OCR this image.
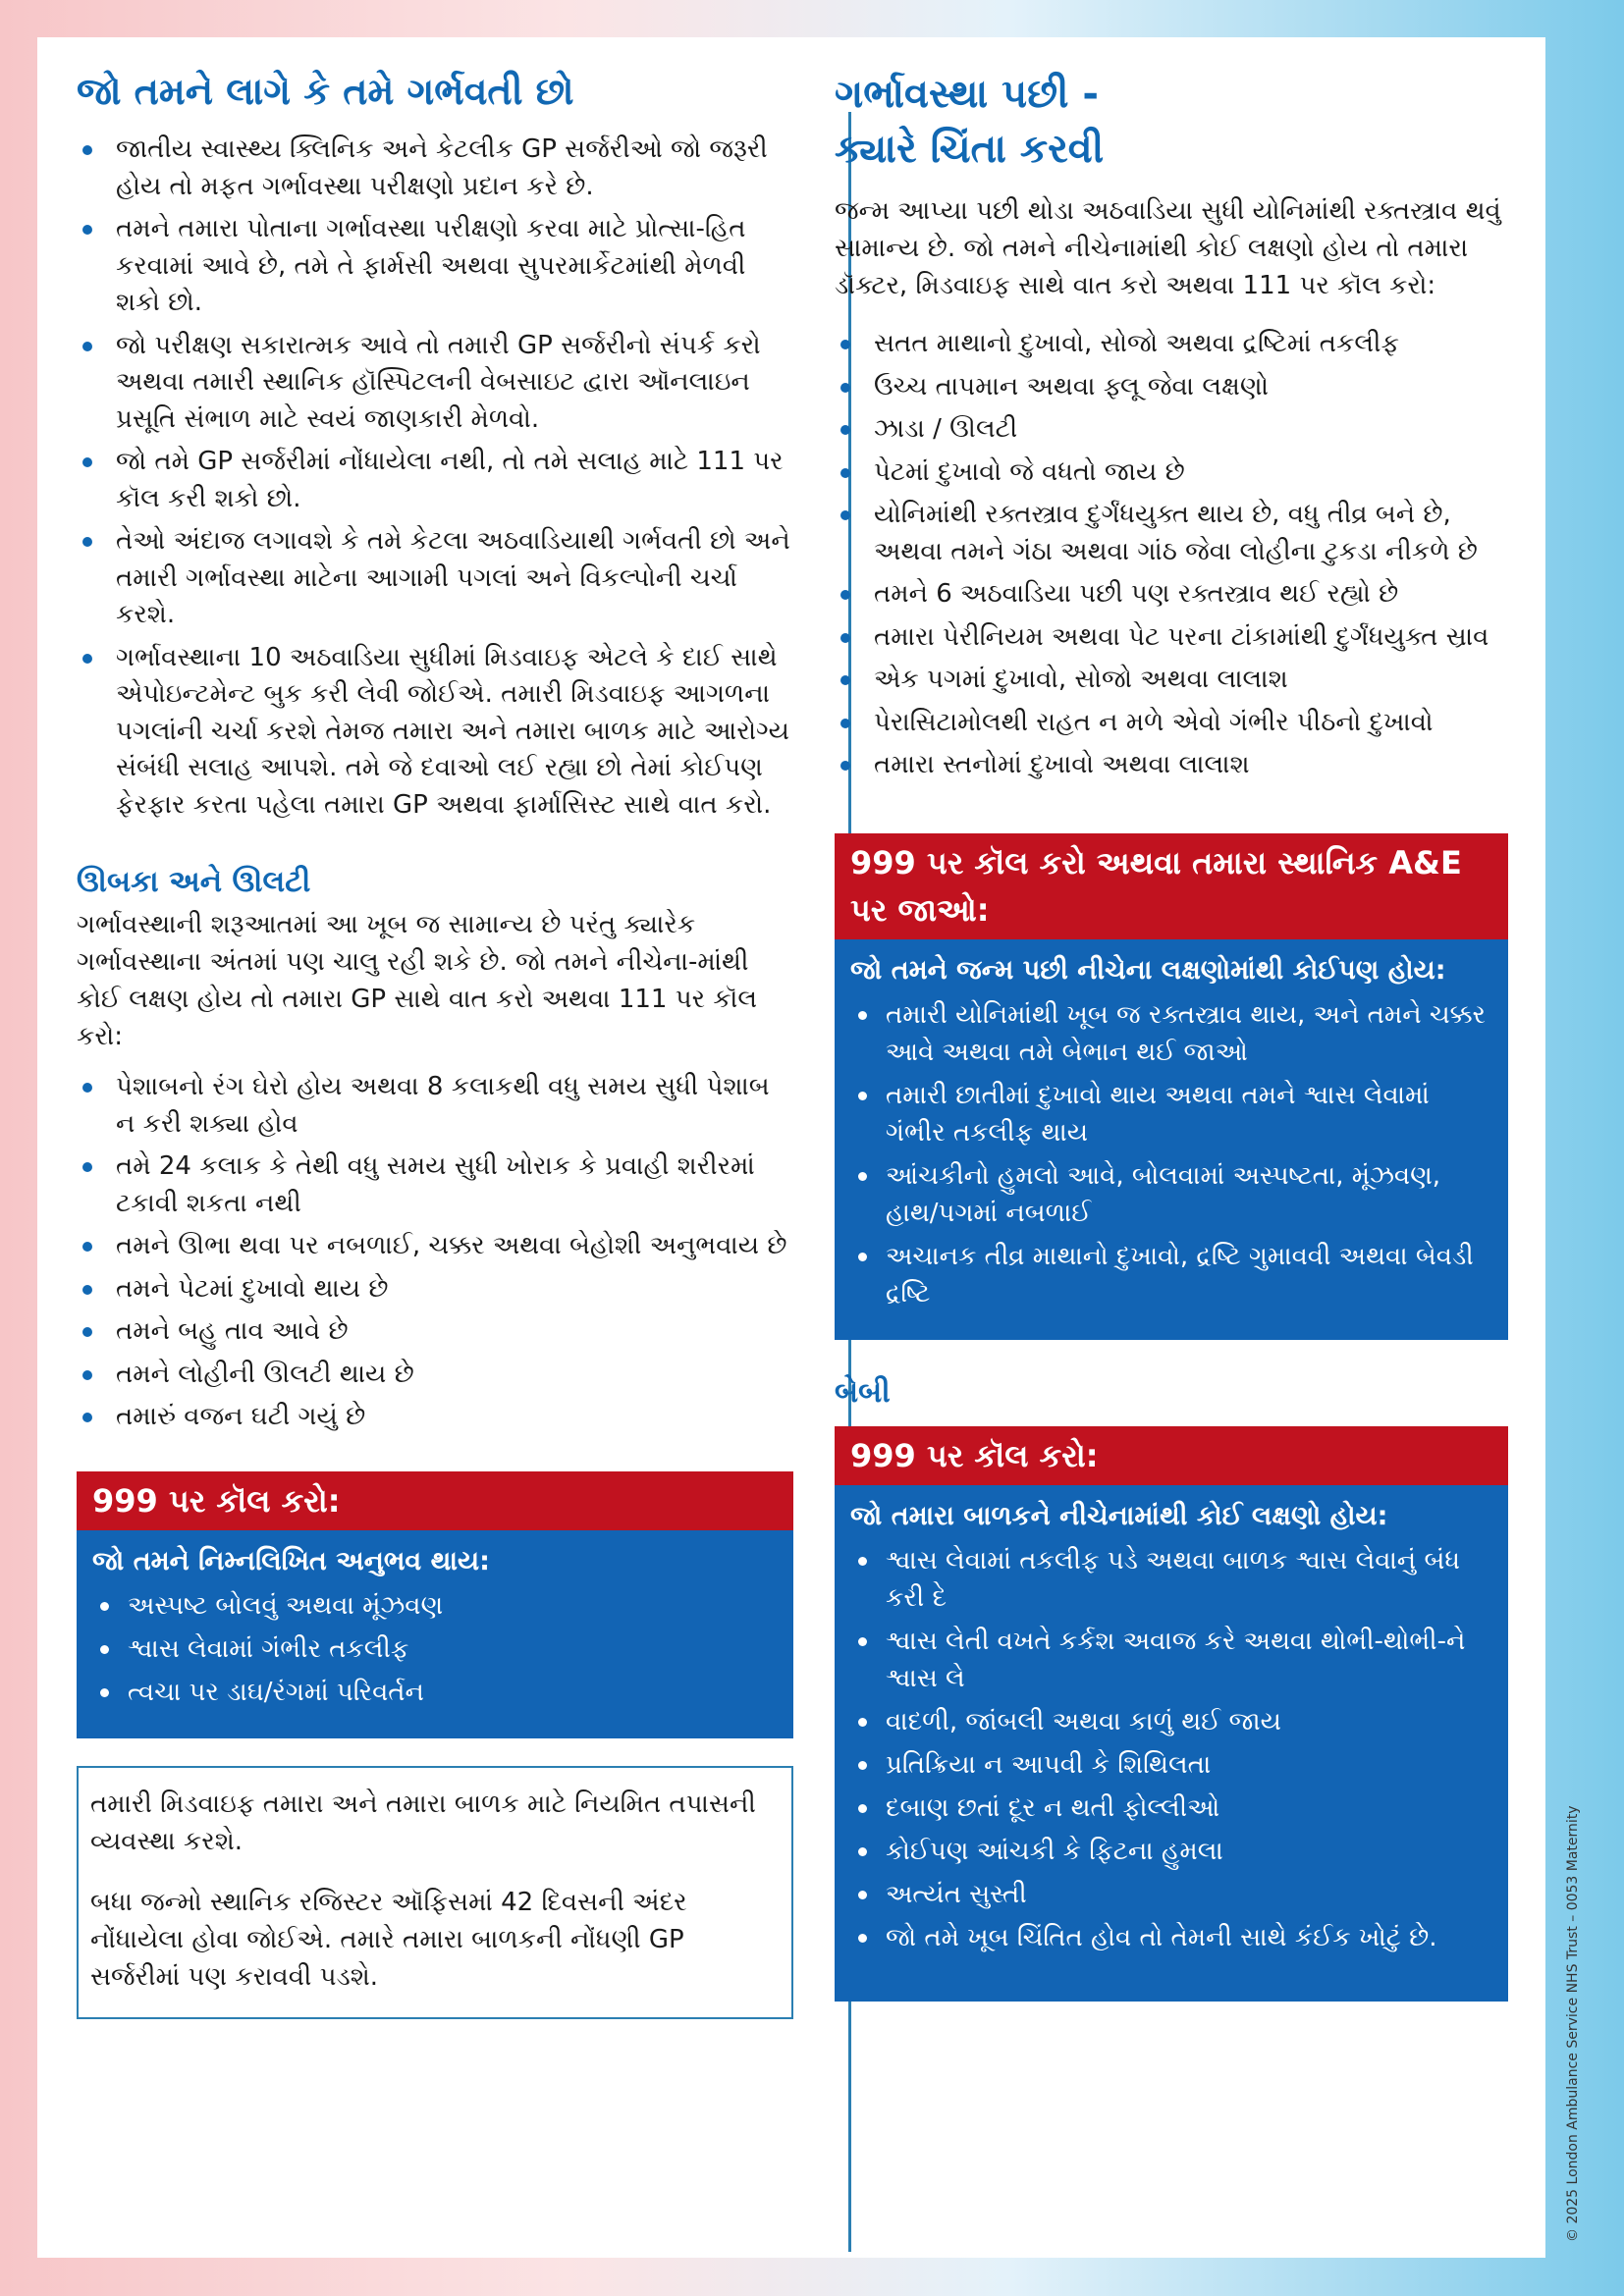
જો તમને લાગે કે તમે ગર્ભવતી છો
જાતીય સ્વાસ્થ્ય ક્લિનિક અને કેટલીક GP સર્જરીઓ જો જરૂરી હોય તો મફત ગર્ભાવસ્થા પરીક્ષણો પ્રદાન કરે છે.
તમને તમારા પોતાના ગર્ભાવસ્થા પરીક્ષણો કરવા માટે પ્રોત્સા-હિત કરવામાં આવે છે, તમે તે ફાર્મસી અથવા સુપરમાર્કેટમાંથી મેળવી શકો છો.
જો પરીક્ષણ સકારાત્મક આવે તો તમારી GP સર્જરીનો સંપર્ક કરો અથવા તમારી સ્થાનિક હૉસ્પિટલની વેબસાઇટ દ્વારા ઑનલાઇન પ્રસૂતિ સંભાળ માટે સ્વયં જાણકારી મેળવો.
જો તમે GP સર્જરીમાં નોંધાયેલા નથી, તો તમે સલાહ માટે 111 પર કૉલ કરી શકો છો.
તેઓ અંદાજ લગાવશે કે તમે કેટલા અઠવાડિયાથી ગર્ભવતી છો અને તમારી ગર્ભાવસ્થા માટેના આગામી પગલાં અને વિકલ્પોની ચર્ચા કરશે.
ગર્ભાવસ્થાના 10 અઠવાડિયા સુધીમાં મિડવાઇફ એટલે કે દાઈ સાથે એપોઇન્ટમેન્ટ બુક કરી લેવી જોઈએ. તમારી મિડવાઇફ આગળના પગલાંની ચર્ચા કરશે તેમજ તમારા અને તમારા બાળક માટે આરોગ્ય સંબંધી સલાહ આપશે. તમે જે દવાઓ લઈ રહ્યા છો તેમાં કોઈપણ ફેરફાર કરતા પહેલા તમારા GP અથવા ફાર્માસિસ્ટ સાથે વાત કરો.
ઊબકા અને ઊલટી

ગર્ભાવસ્થાની શરૂઆતમાં આ ખૂબ જ સામાન્ય છે પરંતુ ક્યારેક ગર્ભાવસ્થાના અંતમાં પણ ચાલુ રહી શકે છે. જો તમને નીચેના-માંથી કોઈ લક્ષણ હોય તો તમારા GP સાથે વાત કરો અથવા 111 પર કૉલ કરો:

પેશાબનો રંગ ઘેરો હોય અથવા 8 કલાકથી વધુ સમય સુધી પેશાબ ન કરી શક્યા હોવ
તમે 24 કલાક કે તેથી વધુ સમય સુધી ખોરાક કે પ્રવાહી શરીરમાં ટકાવી શકતા નથી
તમને ઊભા થવા પર નબળાઈ, ચક્કર અથવા બેહોશી અનુભવાય છે
તમને પેટમાં દુખાવો થાય છે
તમને બહુ તાવ આવે છે
તમને લોહીની ઊલટી થાય છે
તમારું વજન ઘટી ગયું છે
999 પર કૉલ કરો:
જો તમને નિમ્નલિખિત અનુભવ થાય:
અસ્પષ્ટ બોલવું અથવા મૂંઝવણ
શ્વાસ લેવામાં ગંભીર તકલીફ
ત્વચા પર ડાઘ/રંગમાં પરિવર્તન

તમારી મિડવાઇફ તમારા અને તમારા બાળક માટે નિયમિત તપાસની વ્યવસ્થા કરશે.

બધા જન્મો સ્થાનિક રજિસ્ટર ઑફિસમાં 42 દિવસની અંદર નોંધાયેલા હોવા જોઈએ. તમારે તમારા બાળકની નોંધણી GP સર્જરીમાં પણ કરાવવી પડશે.

ગર્ભાવસ્થા પછી -
ક્યારે ચિંતા કરવી

જન્મ આપ્યા પછી થોડા અઠવાડિયા સુધી યોનિમાંથી રક્તસ્ત્રાવ થવું સામાન્ય છે. જો તમને નીચેનામાંથી કોઈ લક્ષણો હોય તો તમારા ડૉક્ટર, મિડવાઇફ સાથે વાત કરો અથવા 111 પર કૉલ કરો:

સતત માથાનો દુખાવો, સોજો અથવા દ્રષ્ટિમાં તકલીફ
ઉચ્ચ તાપમાન અથવા ફ્લૂ જેવા લક્ષણો
ઝાડા / ઊલટી
પેટમાં દુખાવો જે વધતો જાય છે
યોનિમાંથી રક્તસ્ત્રાવ દુર્ગંધયુક્ત થાય છે, વધુ તીવ્ર બને છે, અથવા તમને ગંઠા અથવા ગાંઠ જેવા લોહીના ટુકડા નીકળે છે
તમને 6 અઠવાડિયા પછી પણ રક્તસ્ત્રાવ થઈ રહ્યો છે
તમારા પેરીનિયમ અથવા પેટ પરના ટાંકામાંથી દુર્ગંધયુક્ત સ્રાવ
એક પગમાં દુખાવો, સોજો અથવા લાલાશ
પેરાસિટામોલથી રાહત ન મળે એવો ગંભીર પીઠનો દુખાવો
તમારા સ્તનોમાં દુખાવો અથવા લાલાશ
999 પર કૉલ કરો અથવા તમારા સ્થાનિક A&E પર જાઓ:
જો તમને જન્મ પછી નીચેના લક્ષણોમાંથી કોઈપણ હોય:
તમારી યોનિમાંથી ખૂબ જ રક્તસ્ત્રાવ થાય, અને તમને ચક્કર આવે અથવા તમે બેભાન થઈ જાઓ
તમારી છાતીમાં દુખાવો થાય અથવા તમને શ્વાસ લેવામાં ગંભીર તકલીફ થાય
આંચકીનો હુમલો આવે, બોલવામાં અસ્પષ્ટતા, મૂંઝવણ, હાથ/પગમાં નબળાઈ
અચાનક તીવ્ર માથાનો દુખાવો, દ્રષ્ટિ ગુમાવવી અથવા બેવડી દ્રષ્ટિ
બેબી
999 પર કૉલ કરો:
જો તમારા બાળકને નીચેનામાંથી કોઈ લક્ષણો હોય:
શ્વાસ લેવામાં તકલીફ પડે અથવા બાળક શ્વાસ લેવાનું બંધ કરી દે
શ્વાસ લેતી વખતે કર્કશ અવાજ કરે અથવા થોભી-થોભી-ને શ્વાસ લે
વાદળી, જાંબલી અથવા કાળું થઈ જાય
પ્રતિક્રિયા ન આપવી કે શિથિલતા
દબાણ છતાં દૂર ન થતી ફોલ્લીઓ
કોઈપણ આંચકી કે ફિટના હુમલા
અત્યંત સુસ્તી
જો તમે ખૂબ ચિંતિત હોવ તો તેમની સાથે કંઈક ખોટું છે.	© 2025 London Ambulance Service NHS Trust – 0053 Maternity
